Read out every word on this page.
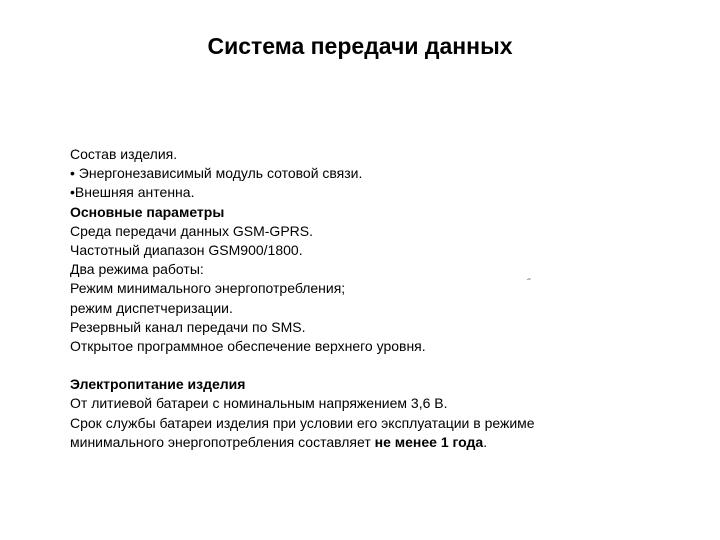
Система передачи данных
Состав изделия.
• Энергонезависимый модуль сотовой связи.
•Внешняя антенна.
Основные параметры
Среда передачи данных GSM-GPRS.
Частотный диапазон GSM900/1800.
Два режима работы:
Режим минимального энергопотребления;
режим диспетчеризации.
Резервный канал передачи по SMS.
Открытое программное обеспечение верхнего уровня.
Электропитание изделия
От литиевой батареи с номинальным напряжением 3,6 В.
Срок службы батареи изделия при условии его эксплуатации в режиме
минимального энергопотребления составляет не менее 1 года.
˝
